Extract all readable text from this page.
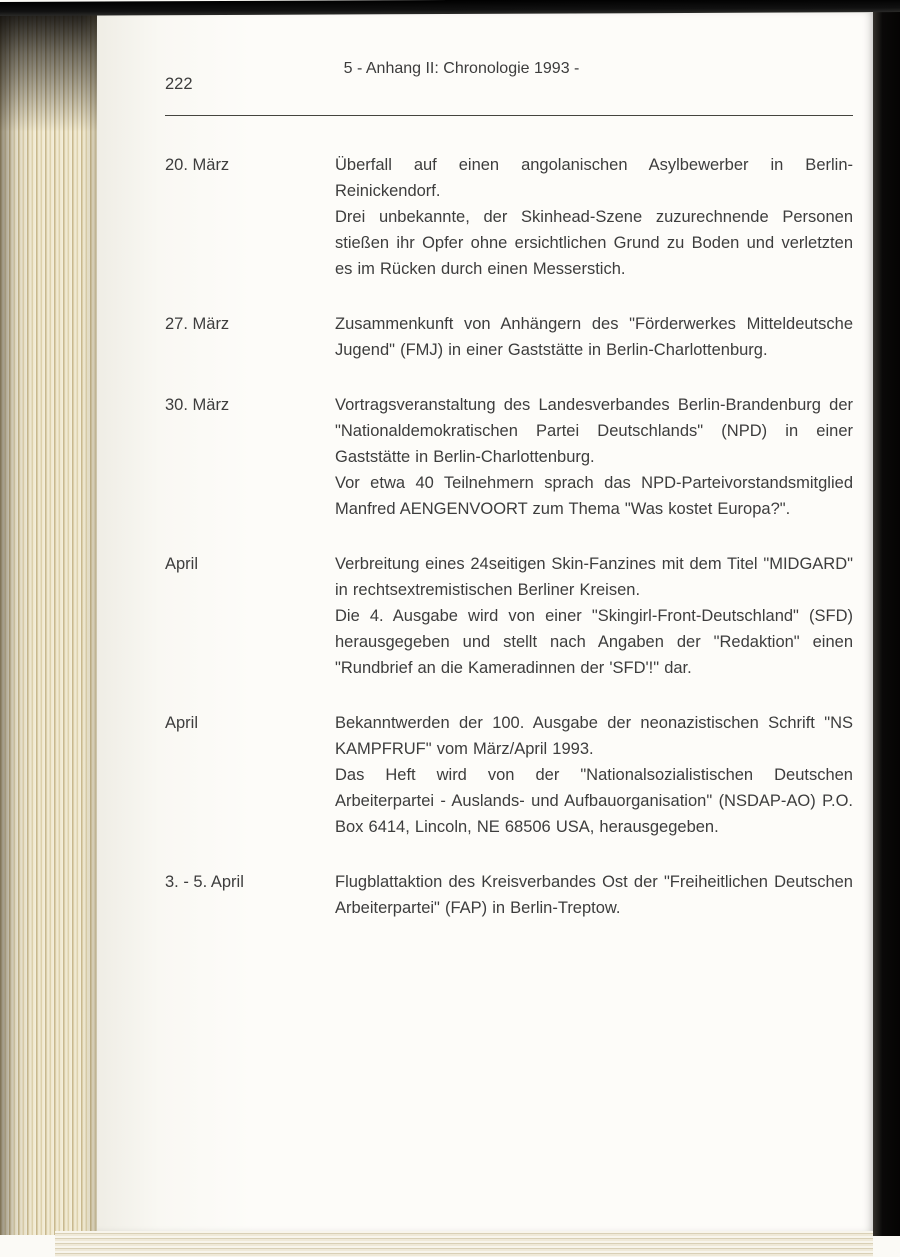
222
5 - Anhang II: Chronologie 1993 -
20. März	Überfall auf einen angolanischen Asylbewerber in Berlin-Reinickendorf.

Drei unbekannte, der Skinhead-Szene zuzurechnende Personen stießen ihr Opfer ohne ersichtlichen Grund zu Boden und verletzten es im Rücken durch einen Messerstich.

27. März	Zusammenkunft von Anhängern des "Förderwerkes Mitteldeutsche Jugend" (FMJ) in einer Gaststätte in Berlin-Charlottenburg.

30. März	Vortragsveranstaltung des Landesverbandes Berlin-Brandenburg der "Nationaldemokratischen Partei Deutschlands" (NPD) in einer Gaststätte in Berlin-Charlottenburg.

Vor etwa 40 Teilnehmern sprach das NPD-Parteivorstandsmitglied Manfred AENGENVOORT zum Thema "Was kostet Europa?".

April	Verbreitung eines 24seitigen Skin-Fanzines mit dem Titel "MIDGARD" in rechtsextremistischen Berliner Kreisen.

Die 4. Ausgabe wird von einer "Skingirl-Front-Deutschland" (SFD) herausgegeben und stellt nach Angaben der "Redaktion" einen "Rundbrief an die Kameradinnen der 'SFD'!" dar.

April	Bekanntwerden der 100. Ausgabe der neonazistischen Schrift "NS KAMPFRUF" vom März/April 1993.

Das Heft wird von der "Nationalsozialistischen Deutschen Arbeiterpartei - Auslands- und Aufbauorganisation" (NSDAP-AO) P.O. Box 6414, Lincoln, NE 68506 USA, herausgegeben.

3. - 5. April	Flugblattaktion des Kreisverbandes Ost der "Freiheitlichen Deutschen Arbeiterpartei" (FAP) in Berlin-Treptow.
